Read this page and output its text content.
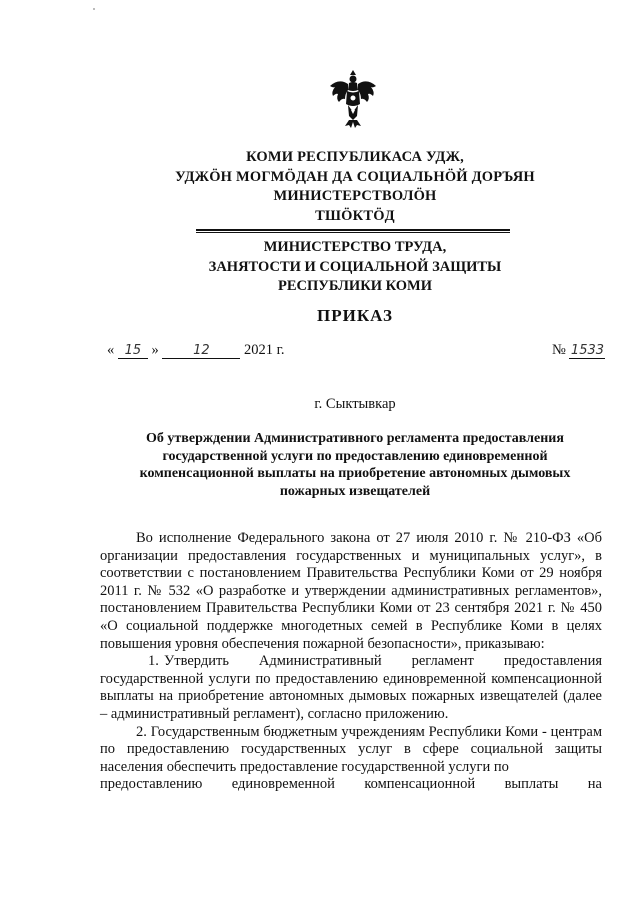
КОМИ РЕСПУБЛИКАСА УДЖ,
УДЖÖН МОГМÖДАН ДА СОЦИАЛЬНÖЙ ДОРЪЯН
МИНИСТЕРСТВОЛÖН
ТШÖКТÖД
МИНИСТЕРСТВО ТРУДА,
ЗАНЯТОСТИ И СОЦИАЛЬНОЙ ЗАЩИТЫ
РЕСПУБЛИКИ КОМИ
ПРИКАЗ
« 15 »	12 2021 г.	№ 1533
г. Сыктывкар
Об утверждении Административного регламента предоставления
государственной услуги по предоставлению единовременной
компенсационной выплаты на приобретение автономных дымовых
пожарных извещателей

Во исполнение Федерального закона от 27 июля 2010 г. № 210-ФЗ «Об организации предоставления государственных и муниципальных услуг», в соответствии с постановлением Правительства Республики Коми от 29 ноября 2011 г. № 532 «О разработке и утверждении административных регламентов», постановлением Правительства Республики Коми от 23 сентября 2021 г. № 450 «О социальной поддержке многодетных семей в Республике Коми в целях повышения уровня обеспечения пожарной безопасности», приказываю:

1. Утвердить Административный регламент предоставления государственной услуги по предоставлению единовременной компенсационной выплаты на приобретение автономных дымовых пожарных извещателей (далее – административный регламент), согласно приложению.

2. Государственным бюджетным учреждениям Республики Коми - центрам по предоставлению государственных услуг в сфере социальной защиты населения обеспечить предоставление государственной услуги по

предоставлению единовременной компенсационной выплаты на
